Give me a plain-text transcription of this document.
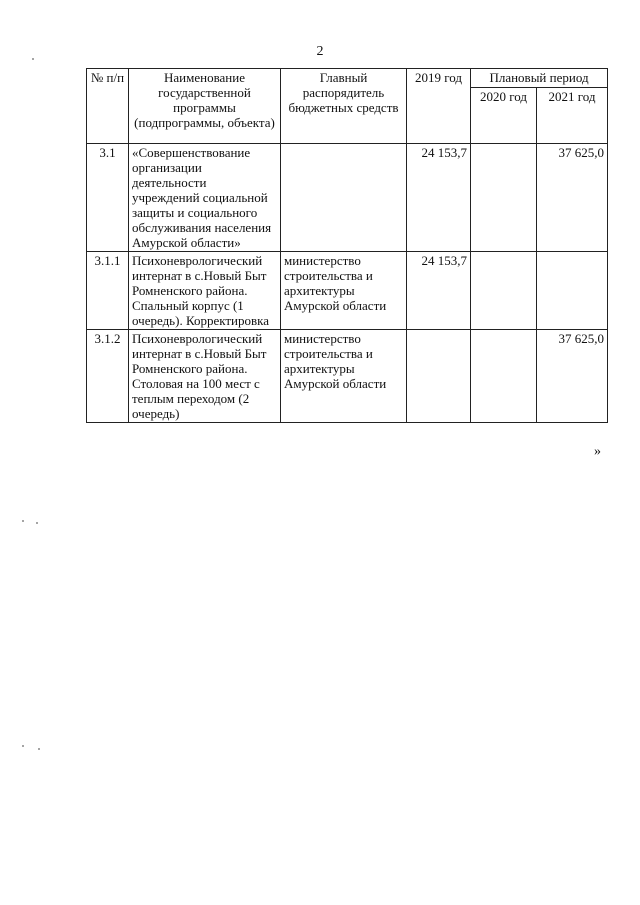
2
№ п/п	Наименование государственной программы (подпрограммы, объекта)	Главный распорядитель бюджетных средств	2019 год	Плановый период	
				2020 год	2021 год
3.1	«Совершенствование организации деятельности учреждений социальной защиты и социального обслуживания населения Амурской области»		24 153,7		37 625,0
3.1.1	Психоневрологический интернат в с.Новый Быт Ромненского района. Спальный корпус (1 очередь). Корректировка	министерство строительства и архитектуры Амурской области	24 153,7		
3.1.2	Психоневрологический интернат в с.Новый Быт Ромненского района. Столовая на 100 мест с теплым переходом (2 очередь)	министерство строительства и архитектуры Амурской области			37 625,0
»
